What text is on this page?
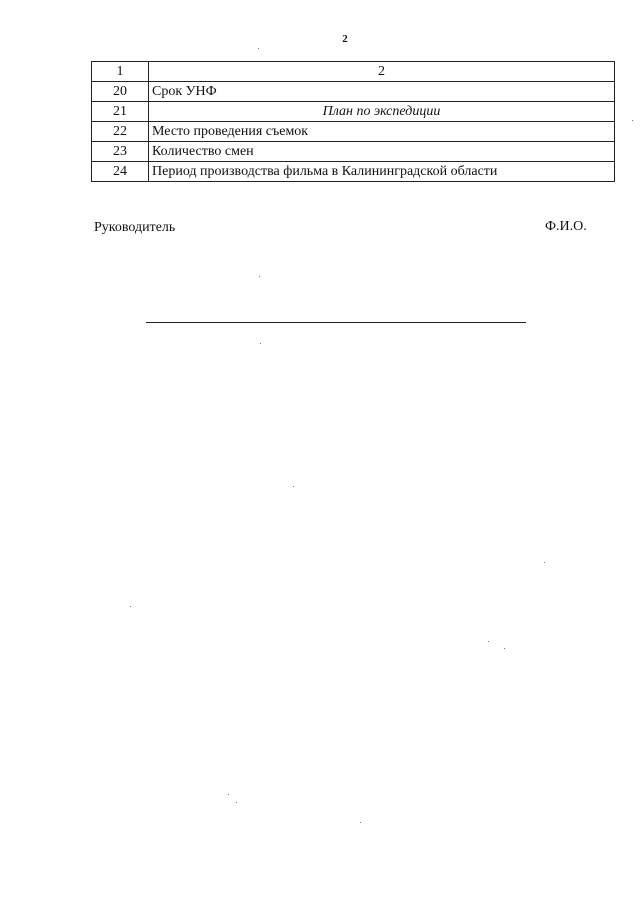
2
1	2
20	Срок УНФ
21	План по экспедиции
22	Место проведения съемок
23	Количество смен
24	Период производства фильма в Калининградской области
Руководитель	Ф.И.О.
